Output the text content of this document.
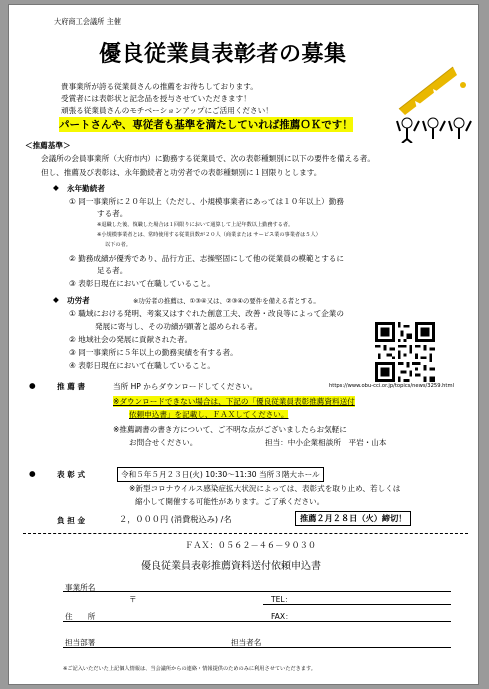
大府商工会議所 主催
優良従業員表彰者の募集
貴事業所が誇る従業員さんの推薦をお待ちしております。
受賞者には表彰状と記念品を授与させていただきます！
頑張る従業員さんのモチベーションアップにご活用ください！
パートさんや、専従者も基準を満たしていれば推薦ＯＫです！
＜推薦基準＞
会議所の会員事業所（大府市内）に勤務する従業員で、次の表彰種類別に以下の要件を備える者。
但し、推薦及び表彰は、永年勤続者と功労者での表彰種類別に１回限りとします。
◆ 永年勤続者
① 同一事業所に２０年以上（ただし、小規模事業者にあっては１０年以上）勤務
する者。
※退職した後、復職した場合は１回限りにおいて通算して上記年数以上勤務する者。
※小規模事業者とは、常時使用する従業員数が２０人（商業または サービス業の事業者は５人）
以下の者。
② 勤務成績が優秀であり、品行方正、志操堅固にして他の従業員の模範とするに
足る者。
③ 表彰日現在において在職していること。
◆ 功労者	※功労者の推薦は、①③④又は、②③④の要件を備える者とする。
① 職域における発明、考案又はすぐれた創意工夫、改善・改良等によって企業の
発展に寄与し、その功績が顕著と認められる者。
② 地域社会の発展に貢献された者。
③ 同一事業所に５年以上の勤務実績を有する者。
④ 表彰日現在において在職していること。
●	推 薦 書	当所 HP からダウンロードしてください。	https://www.obu-cci.or.jp/topics/news/3259.html
※ダウンロードできない場合は、下記の「優良従業員表彰推薦資料送付
依頼申込書」を記載し、ＦＡＸしてください。
※推薦調書の書き方について、ご不明な点がございましたらお気軽に
お問合せください。	担当：中小企業相談所　平岩・山本
●	表 彰 式	令和５年５月２３日(火) 10:30～11:30 当所３階大ホール
※新型コロナウイルス感染症拡大状況によっては、表彰式を取り止め、若しくは
縮小して開催する可能性があります。ご了承ください。
負 担 金	２，０００円 (消費税込み) /名	推薦２月２８日（火）締切！
ＦＡＸ：０５６２－４６－９０３０
優良従業員表彰推薦資料送付依頼申込書
事業所名
〒	TEL：
住　　所	FAX：
担当部署	担当者名
※ご記入いただいた上記個人情報は、当会議所からの連絡・情報提供のためのみに利用させていただきます。
